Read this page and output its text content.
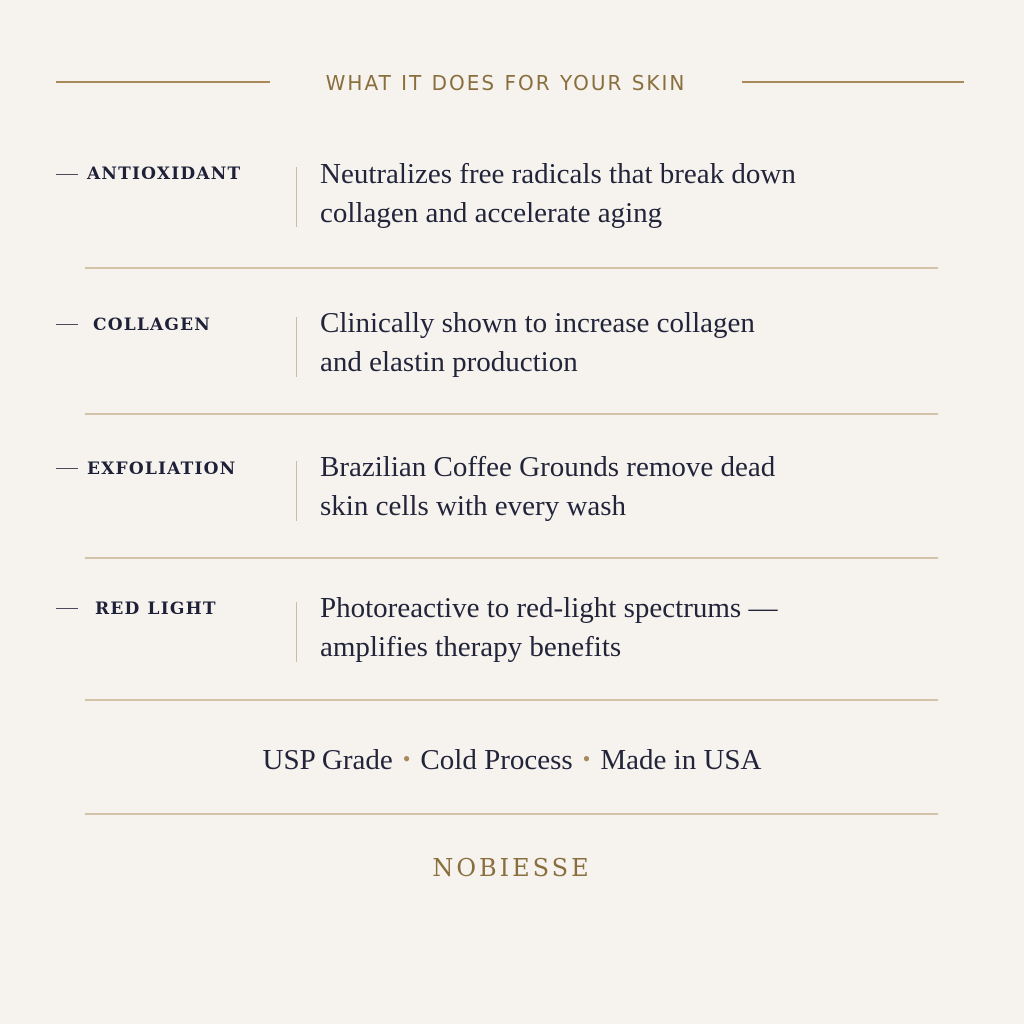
WHAT IT DOES FOR YOUR SKIN
ANTIOXIDANT	Neutralizes free radicals that break down
collagen and accelerate aging
COLLAGEN	Clinically shown to increase collagen
and elastin production
EXFOLIATION	Brazilian Coffee Grounds remove dead
skin cells with every wash
RED LIGHT	Photoreactive to red-light spectrums —
amplifies therapy benefits
USP Grade • Cold Process • Made in USA
NOBIESSE
